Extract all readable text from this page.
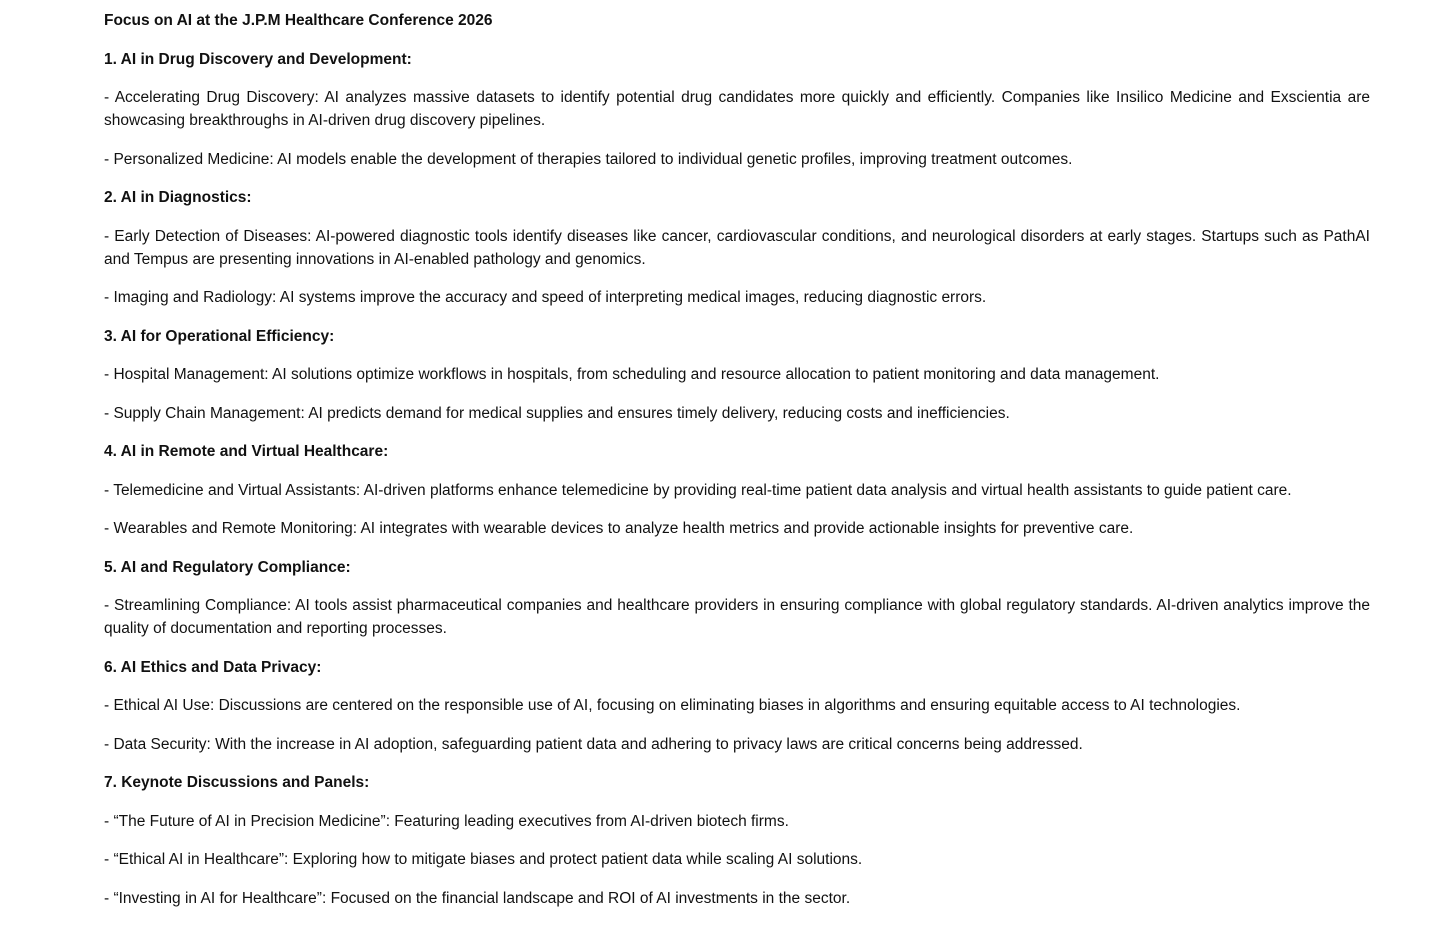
Focus on AI at the J.P.M Healthcare Conference 2026

1. AI in Drug Discovery and Development:

- Accelerating Drug Discovery: AI analyzes massive datasets to identify potential drug candidates more quickly and efficiently. Companies like Insilico Medicine and Exscientia are showcasing breakthroughs in AI-driven drug discovery pipelines.

- Personalized Medicine: AI models enable the development of therapies tailored to individual genetic profiles, improving treatment outcomes.

2. AI in Diagnostics:

- Early Detection of Diseases: AI-powered diagnostic tools identify diseases like cancer, cardiovascular conditions, and neurological disorders at early stages. Startups such as PathAI and Tempus are presenting innovations in AI-enabled pathology and genomics.

- Imaging and Radiology: AI systems improve the accuracy and speed of interpreting medical images, reducing diagnostic errors.

3. AI for Operational Efficiency:

- Hospital Management: AI solutions optimize workflows in hospitals, from scheduling and resource allocation to patient monitoring and data management.

- Supply Chain Management: AI predicts demand for medical supplies and ensures timely delivery, reducing costs and inefficiencies.

4. AI in Remote and Virtual Healthcare:

- Telemedicine and Virtual Assistants: AI-driven platforms enhance telemedicine by providing real-time patient data analysis and virtual health assistants to guide patient care.

- Wearables and Remote Monitoring: AI integrates with wearable devices to analyze health metrics and provide actionable insights for preventive care.

5. AI and Regulatory Compliance:

- Streamlining Compliance: AI tools assist pharmaceutical companies and healthcare providers in ensuring compliance with global regulatory standards. AI-driven analytics improve the quality of documentation and reporting processes.

6. AI Ethics and Data Privacy:

- Ethical AI Use: Discussions are centered on the responsible use of AI, focusing on eliminating biases in algorithms and ensuring equitable access to AI technologies.

- Data Security: With the increase in AI adoption, safeguarding patient data and adhering to privacy laws are critical concerns being addressed.

7. Keynote Discussions and Panels:

- “The Future of AI in Precision Medicine”: Featuring leading executives from AI-driven biotech firms.

- “Ethical AI in Healthcare”: Exploring how to mitigate biases and protect patient data while scaling AI solutions.

- “Investing in AI for Healthcare”: Focused on the financial landscape and ROI of AI investments in the sector.
